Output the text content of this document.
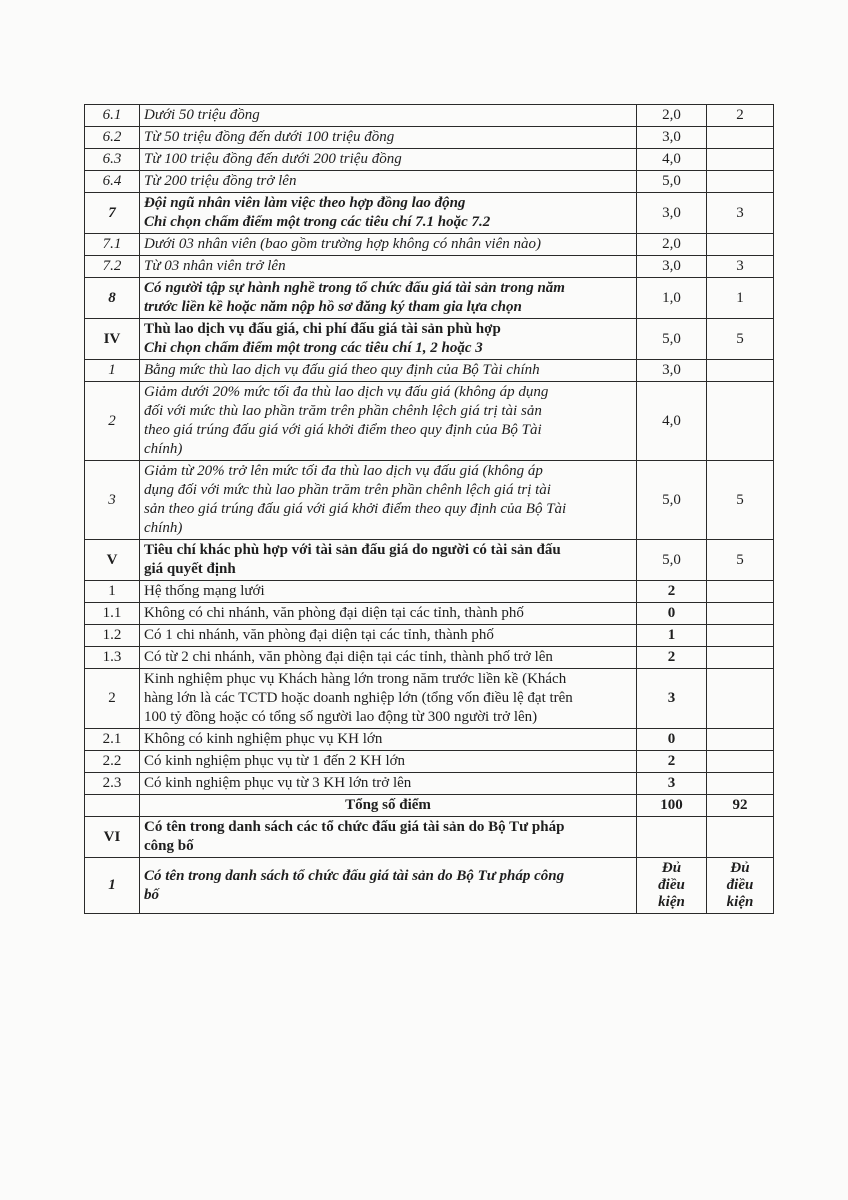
6.1	Dưới 50 triệu đồng	2,0	2
6.2	Từ 50 triệu đồng đến dưới 100 triệu đồng	3,0	
6.3	Từ 100 triệu đồng đến dưới 200 triệu đồng	4,0	
6.4	Từ 200 triệu đồng trở lên	5,0	
7	Đội ngũ nhân viên làm việc theo hợp đồng lao động
Chỉ chọn chấm điểm một trong các tiêu chí 7.1 hoặc 7.2	3,0	3
7.1	Dưới 03 nhân viên (bao gồm trường hợp không có nhân viên nào)	2,0	
7.2	Từ 03 nhân viên trở lên	3,0	3
8	Có người tập sự hành nghề trong tổ chức đấu giá tài sản trong năm
trước liền kề hoặc năm nộp hồ sơ đăng ký tham gia lựa chọn	1,0	1
IV	Thù lao dịch vụ đấu giá, chi phí đấu giá tài sản phù hợp
Chỉ chọn chấm điểm một trong các tiêu chí 1, 2 hoặc 3	5,0	5
1	Bằng mức thù lao dịch vụ đấu giá theo quy định của Bộ Tài chính	3,0	
2	Giảm dưới 20% mức tối đa thù lao dịch vụ đấu giá (không áp dụng
đối với mức thù lao phần trăm trên phần chênh lệch giá trị tài sản
theo giá trúng đấu giá với giá khởi điểm theo quy định của Bộ Tài
chính)	4,0	
3	Giảm từ 20% trở lên mức tối đa thù lao dịch vụ đấu giá (không áp
dụng đối với mức thù lao phần trăm trên phần chênh lệch giá trị tài
sản theo giá trúng đấu giá với giá khởi điểm theo quy định của Bộ Tài
chính)	5,0	5
V	Tiêu chí khác phù hợp với tài sản đấu giá do người có tài sản đấu
giá quyết định	5,0	5
1	Hệ thống mạng lưới	2	
1.1	Không có chi nhánh, văn phòng đại diện tại các tỉnh, thành phố	0	
1.2	Có 1 chi nhánh, văn phòng đại diện tại các tỉnh, thành phố	1	
1.3	Có từ 2 chi nhánh, văn phòng đại diện tại các tỉnh, thành phố trở lên	2	
2	Kinh nghiệm phục vụ Khách hàng lớn trong năm trước liền kề (Khách
hàng lớn là các TCTD hoặc doanh nghiệp lớn (tổng vốn điều lệ đạt trên
100 tỷ đồng hoặc có tổng số người lao động từ 300 người trở lên)	3	
2.1	Không có kinh nghiệm phục vụ KH lớn	0	
2.2	Có kinh nghiệm phục vụ từ 1 đến 2 KH lớn	2	
2.3	Có kinh nghiệm phục vụ từ 3 KH lớn trở lên	3	
	Tổng số điểm	100	92
VI	Có tên trong danh sách các tổ chức đấu giá tài sản do Bộ Tư pháp
công bố		

1	Có tên trong danh sách tổ chức đấu giá tài sản do Bộ Tư pháp công
bố	Đủ
điều
kiện	Đủ
điều
kiện
